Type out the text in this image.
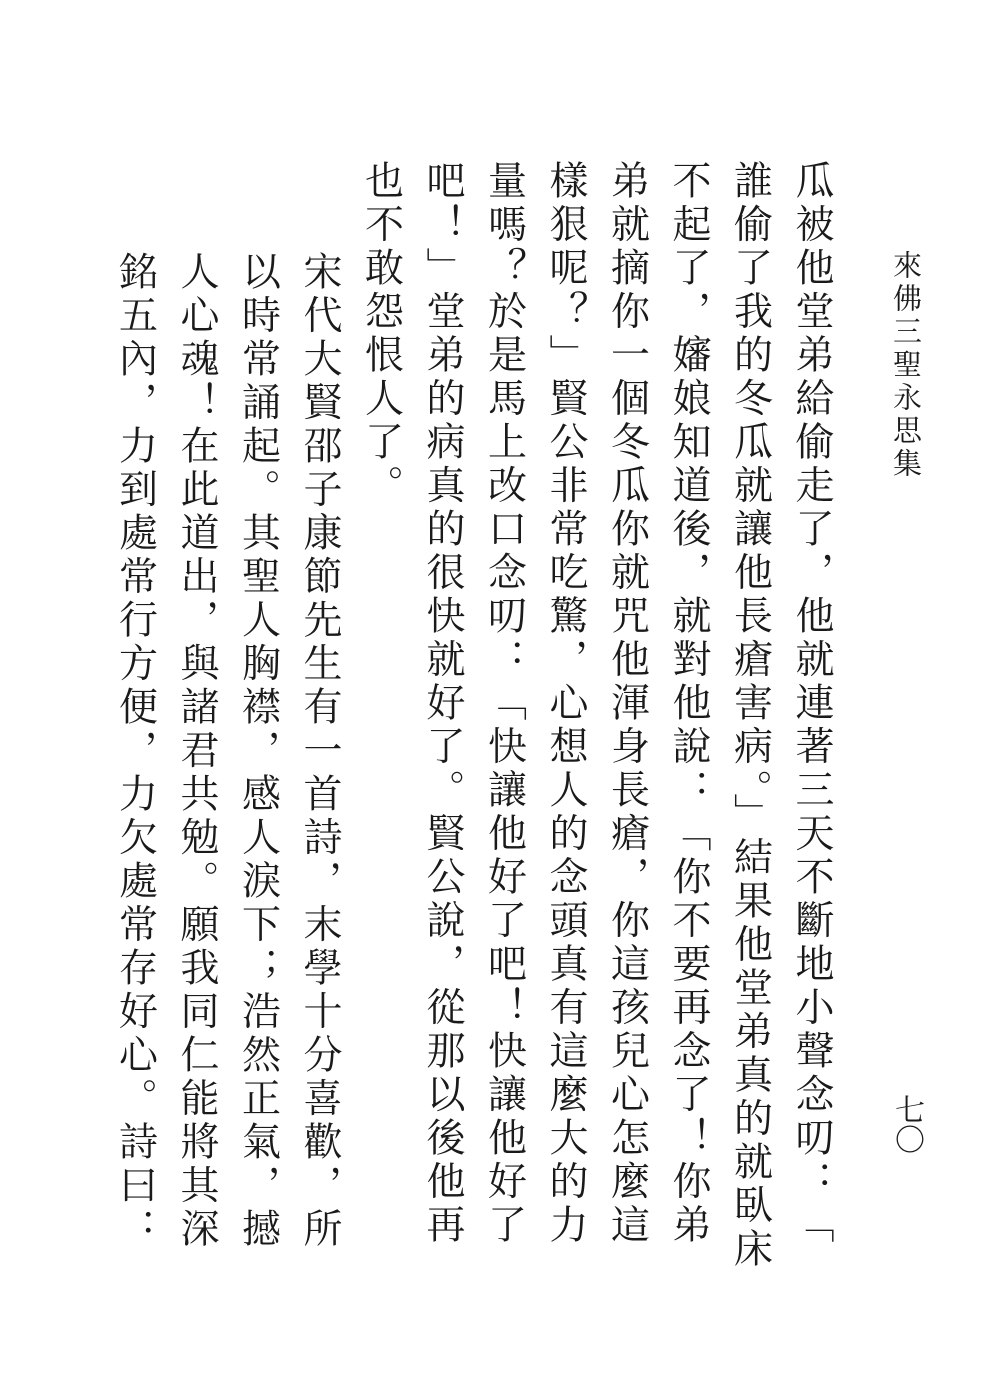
來佛三聖永思集
七〇

瓜被他堂弟給偷走了，他就連著三天不斷地小聲念叨：「誰偷了我的冬瓜就讓他長瘡害病。」結果他堂弟真的就臥床不起了，嬸娘知道後，就對他說：「你不要再念了！你弟弟就摘你一個冬瓜你就咒他渾身長瘡，你這孩兒心怎麼這樣狠呢？」賢公非常吃驚，心想人的念頭真有這麼大的力量嗎？於是馬上改口念叨：「快讓他好了吧！快讓他好了吧！」堂弟的病真的很快就好了。賢公說，從那以後他再也不敢怨恨人了。

宋代大賢邵子康節先生有一首詩，末學十分喜歡，所以時常誦起。其聖人胸襟，感人淚下；浩然正氣，撼人心魂！在此道出，與諸君共勉。願我同仁能將其深銘五內，力到處常行方便，力欠處常存好心。詩曰：
